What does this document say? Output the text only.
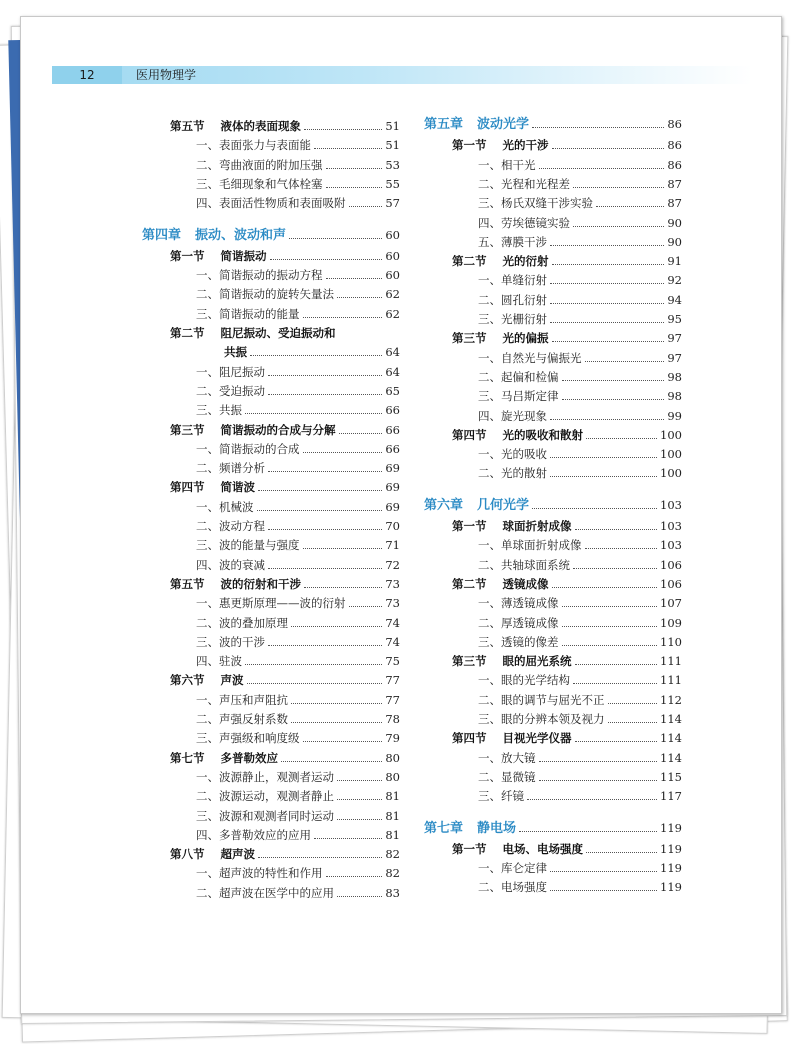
12	医用物理学
第五节 液体的表面现象	51
一、表面张力与表面能	51
二、弯曲液面的附加压强	53
三、毛细现象和气体栓塞	55
四、表面活性物质和表面吸附	57
第四章 振动、波动和声	60
第一节 简谐振动	60
一、简谐振动的振动方程	60
二、简谐振动的旋转矢量法	62
三、简谐振动的能量	62
第二节 阻尼振动、受迫振动和
共振	64
一、阻尼振动	64
二、受迫振动	65
三、共振	66
第三节 简谐振动的合成与分解	66
一、简谐振动的合成	66
二、频谱分析	69
第四节 简谐波	69
一、机械波	69
二、波动方程	70
三、波的能量与强度	71
四、波的衰减	72
第五节 波的衍射和干涉	73
一、惠更斯原理——波的衍射	73
二、波的叠加原理	74
三、波的干涉	74
四、驻波	75
第六节 声波	77
一、声压和声阻抗	77
二、声强反射系数	78
三、声强级和响度级	79
第七节 多普勒效应	80
一、波源静止，观测者运动	80
二、波源运动，观测者静止	81
三、波源和观测者同时运动	81
四、多普勒效应的应用	81
第八节 超声波	82
一、超声波的特性和作用	82
二、超声波在医学中的应用	83
第五章 波动光学	86
第一节 光的干涉	86
一、相干光	86
二、光程和光程差	87
三、杨氏双缝干涉实验	87
四、劳埃德镜实验	90
五、薄膜干涉	90
第二节 光的衍射	91
一、单缝衍射	92
二、圆孔衍射	94
三、光栅衍射	95
第三节 光的偏振	97
一、自然光与偏振光	97
二、起偏和检偏	98
三、马吕斯定律	98
四、旋光现象	99
第四节 光的吸收和散射	100
一、光的吸收	100
二、光的散射	100
第六章 几何光学	103
第一节 球面折射成像	103
一、单球面折射成像	103
二、共轴球面系统	106
第二节 透镜成像	106
一、薄透镜成像	107
二、厚透镜成像	109
三、透镜的像差	110
第三节 眼的屈光系统	111
一、眼的光学结构	111
二、眼的调节与屈光不正	112
三、眼的分辨本领及视力	114
第四节 目视光学仪器	114
一、放大镜	114
二、显微镜	115
三、纤镜	117
第七章 静电场	119
第一节 电场、电场强度	119
一、库仑定律	119
二、电场强度	119
